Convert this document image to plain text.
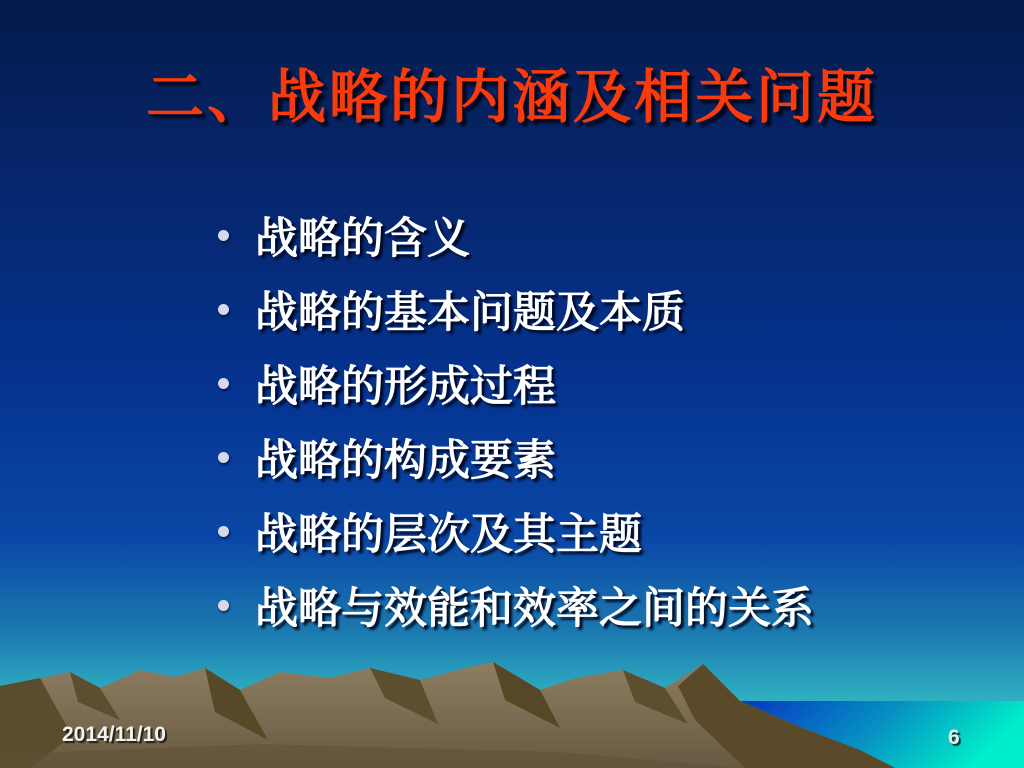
二、战略的内涵及相关问题
战略的含义
战略的基本问题及本质
战略的形成过程
战略的构成要素
战略的层次及其主题
战略与效能和效率之间的关系
2014/11/10	6
